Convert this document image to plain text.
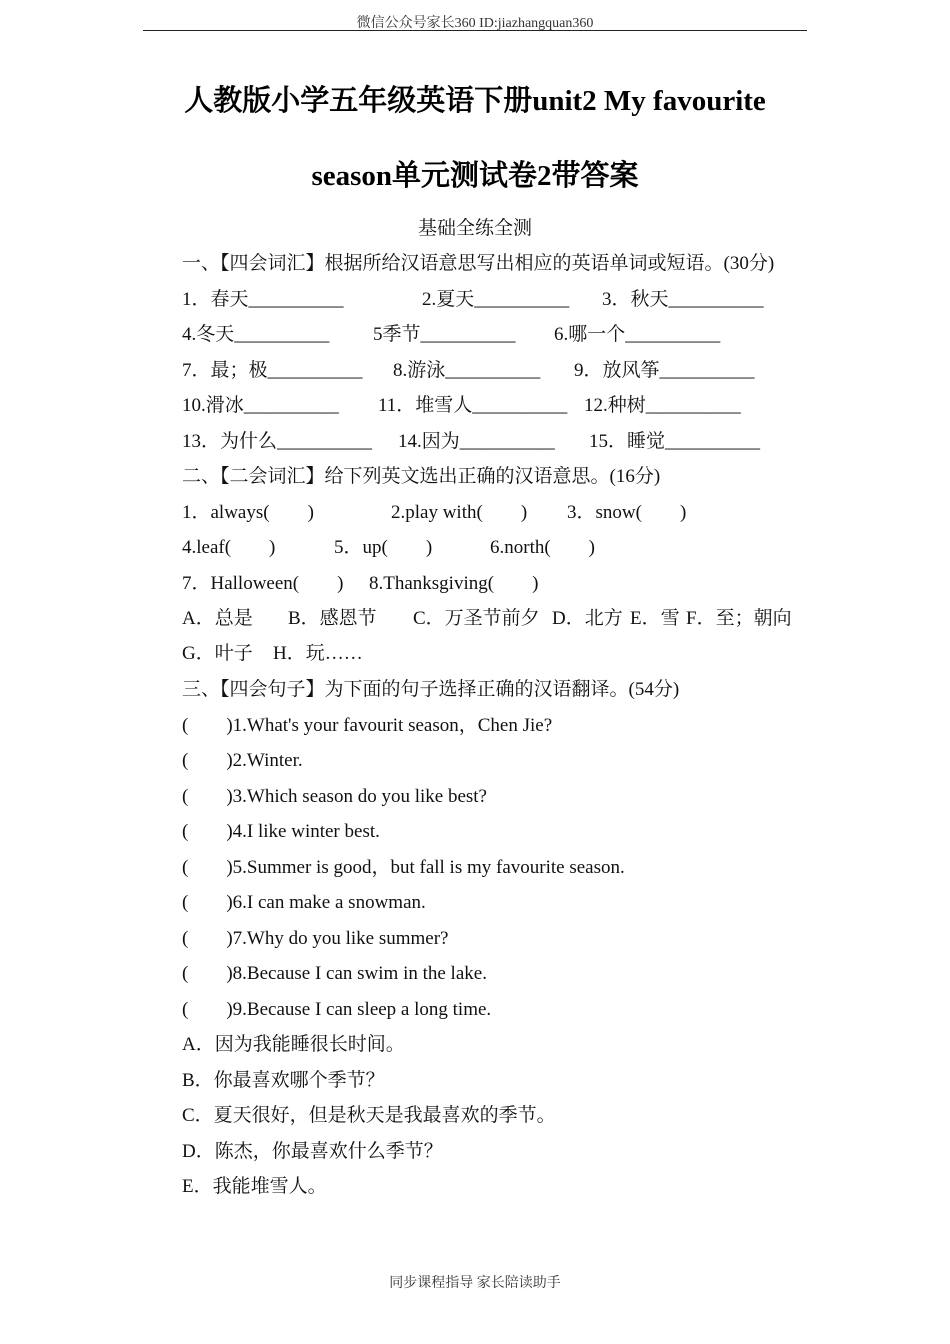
微信公众号家长360 ID:jiazhangquan360
人教版小学五年级英语下册unit2 My favourite
season单元测试卷2带答案
基础全练全测
一、【四会词汇】根据所给汉语意思写出相应的英语单词或短语。(30分)
1．春天__________	2.夏天__________ 3．秋天__________
4.冬天__________ 5季节__________ 6.哪一个__________
7．最；极__________ 8.游泳__________ 9．放风筝__________
10.滑冰__________ 11．堆雪人__________ 12.种树__________
13．为什么__________ 14.因为__________ 15．睡觉__________
二、【二会词汇】给下列英文选出正确的汉语意思。(16分)
1．always(　　)	2.play with(　　) 3．snow(　　)
4.leaf(　　)	5．up(　　)	6.north(　　)
7．Halloween(　　) 8.Thanksgiving(　　)
A．总是 B．感恩节 C．万圣节前夕 D．北方 E．雪 F．至；朝向
G．叶子 H．玩……
三、【四会句子】为下面的句子选择正确的汉语翻译。(54分)
(　　)1.What's your favourit season，Chen Jie?
(　　)2.Winter.
(　　)3.Which season do you like best?
(　　)4.I like winter best.
(　　)5.Summer is good，but fall is my favourite season.
(　　)6.I can make a snowman.
(　　)7.Why do you like summer?
(　　)8.Because I can swim in the lake.
(　　)9.Because I can sleep a long time.
A．因为我能睡很长时间。
B．你最喜欢哪个季节？
C．夏天很好，但是秋天是我最喜欢的季节。
D．陈杰，你最喜欢什么季节？
E．我能堆雪人。
同步课程指导 家长陪读助手
